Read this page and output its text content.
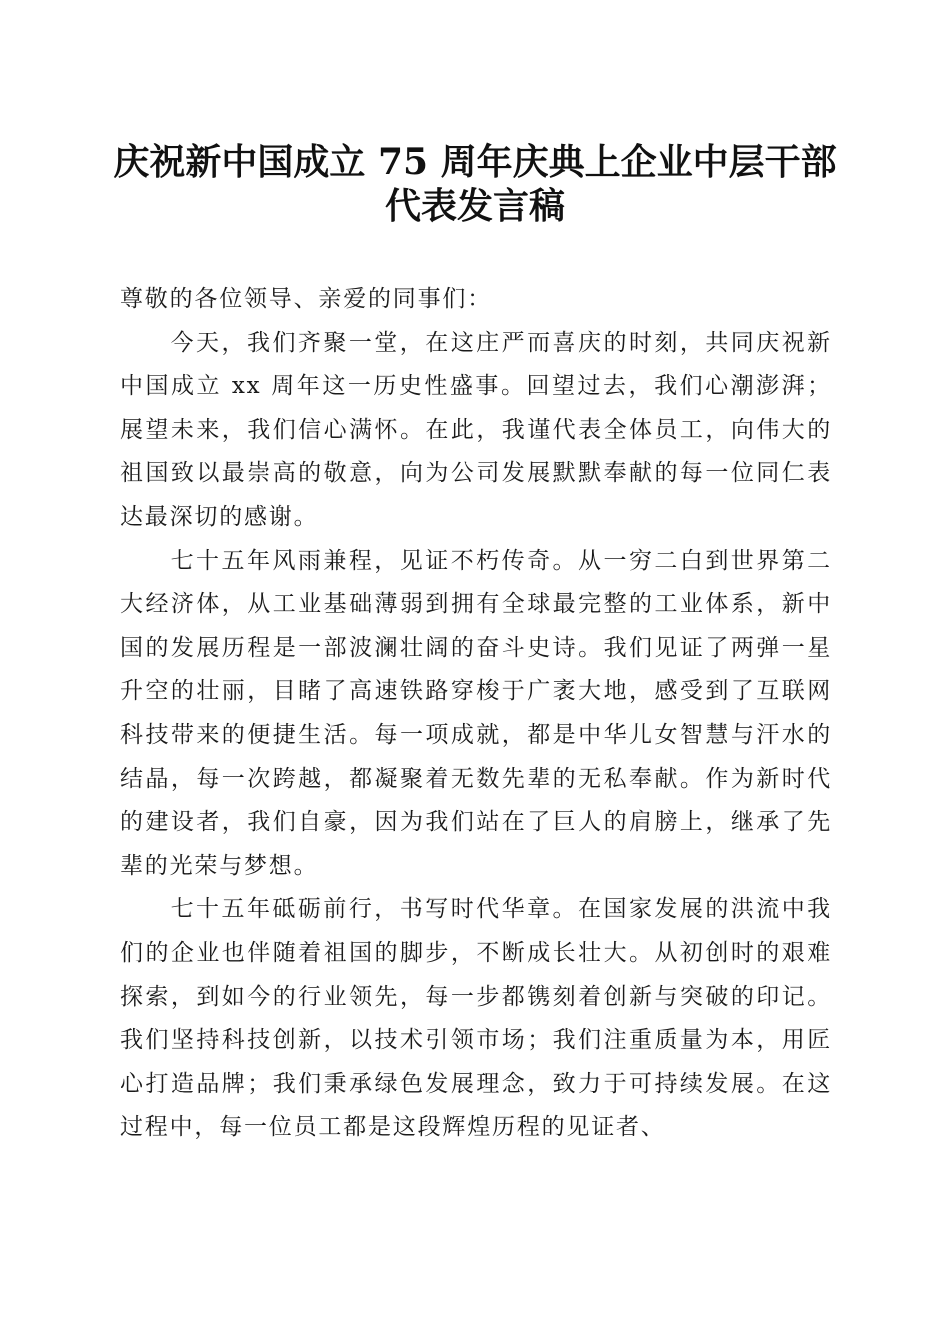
庆祝新中国成立 75 周年庆典上企业中层干部
代表发言稿

尊敬的各位领导、亲爱的同事们：

今天，我们齐聚一堂，在这庄严而喜庆的时刻，共同庆祝新中国成立 xx 周年这一历史性盛事。回望过去，我们心潮澎湃；展望未来，我们信心满怀。在此，我谨代表全体员工，向伟大的祖国致以最崇高的敬意，向为公司发展默默奉献的每一位同仁表达最深切的感谢。

七十五年风雨兼程，见证不朽传奇。从一穷二白到世界第二大经济体，从工业基础薄弱到拥有全球最完整的工业体系，新中国的发展历程是一部波澜壮阔的奋斗史诗。我们见证了两弹一星升空的壮丽，目睹了高速铁路穿梭于广袤大地，感受到了互联网科技带来的便捷生活。每一项成就，都是中华儿女智慧与汗水的结晶，每一次跨越，都凝聚着无数先辈的无私奉献。作为新时代的建设者，我们自豪，因为我们站在了巨人的肩膀上，继承了先辈的光荣与梦想。

七十五年砥砺前行，书写时代华章。在国家发展的洪流中我们的企业也伴随着祖国的脚步，不断成长壮大。从初创时的艰难探索，到如今的行业领先，每一步都镌刻着创新与突破的印记。我们坚持科技创新，以技术引领市场；我们注重质量为本，用匠心打造品牌；我们秉承绿色发展理念，致力于可持续发展。在这过程中，每一位员工都是这段辉煌历程的见证者、
